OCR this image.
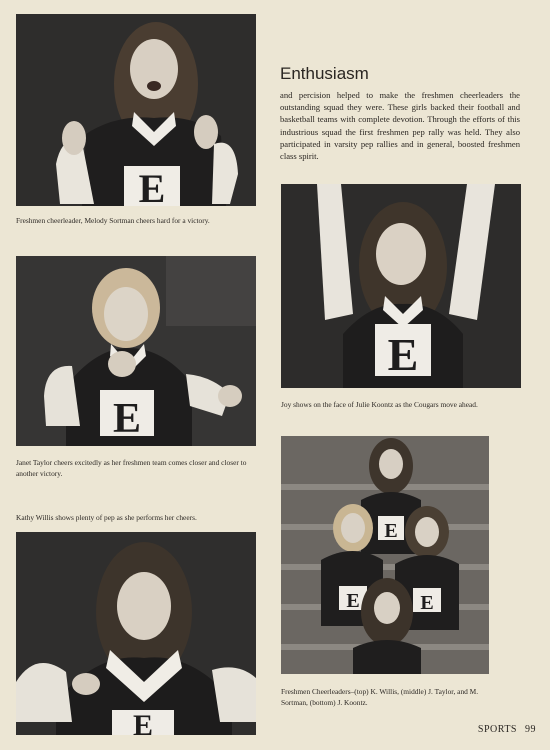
E

Freshmen cheerleader, Melody Sortman cheers hard for a victory.

E

Janet Taylor cheers excitedly as her freshmen team comes closer and closer to another victory.

Kathy Willis shows plenty of pep as she performs her cheers.

E
Enthusiasm

and percision helped to make the freshmen cheerleaders the outstanding squad they were. These girls backed their football and basketball teams with complete devotion. Through the efforts of this industrious squad the first freshmen pep rally was held. They also participated in varsity pep rallies and in general, boosted freshmen class spirit.

E

Joy shows on the face of Julie Koontz as the Cougars move ahead.

E
E	E

Freshmen Cheerleaders–(top) K. Willis, (middle) J. Taylor, and M. Sortman, (bottom) J. Koontz.

SPORTS 99
